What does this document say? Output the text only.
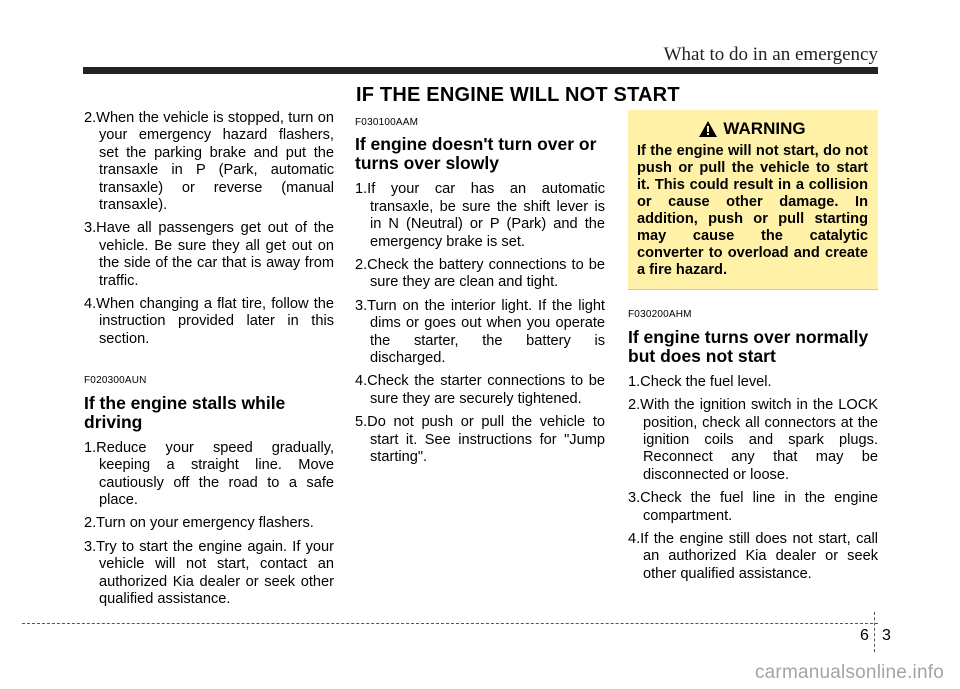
What to do in an emergency
IF THE ENGINE WILL NOT START

2.When the vehicle is stopped, turn on your emergency hazard flashers, set the parking brake and put the transaxle in P (Park, automatic transaxle) or reverse (manual transaxle).

3.Have all passengers get out of the vehicle. Be sure they all get out on the side of the car that is away from traffic.

4.When changing a flat tire, follow the instruction provided later in this section.

F020300AUN
If the engine stalls while driving

1.Reduce your speed gradually, keeping a straight line. Move cautiously off the road to a safe place.

2.Turn on your emergency flashers.

3.Try to start the engine again. If your vehicle will not start, contact an authorized Kia dealer or seek other qualified assistance.

F030100AAM
If engine doesn't turn over or turns over slowly

1.If your car has an automatic transaxle, be sure the shift lever is in N (Neutral) or P (Park) and the emergency brake is set.

2.Check the battery connections to be sure they are clean and tight.

3.Turn on the interior light. If the light dims or goes out when you operate the starter, the battery is discharged.

4.Check the starter connections to be sure they are securely tightened.

5.Do not push or pull the vehicle to start it. See instructions for "Jump starting".

WARNING
If the engine will not start, do not push or pull the vehicle to start it. This could result in a collision or cause other damage. In addition, push or pull starting may cause the catalytic converter to overload and create a fire hazard.
F030200AHM
If engine turns over normally but does not start

1.Check the fuel level.

2.With the ignition switch in the LOCK position, check all connectors at the ignition coils and spark plugs. Reconnect any that may be disconnected or loose.

3.Check the fuel line in the engine compartment.

4.If the engine still does not start, call an authorized Kia dealer or seek other qualified assistance.

6 3
carmanualsonline.info
